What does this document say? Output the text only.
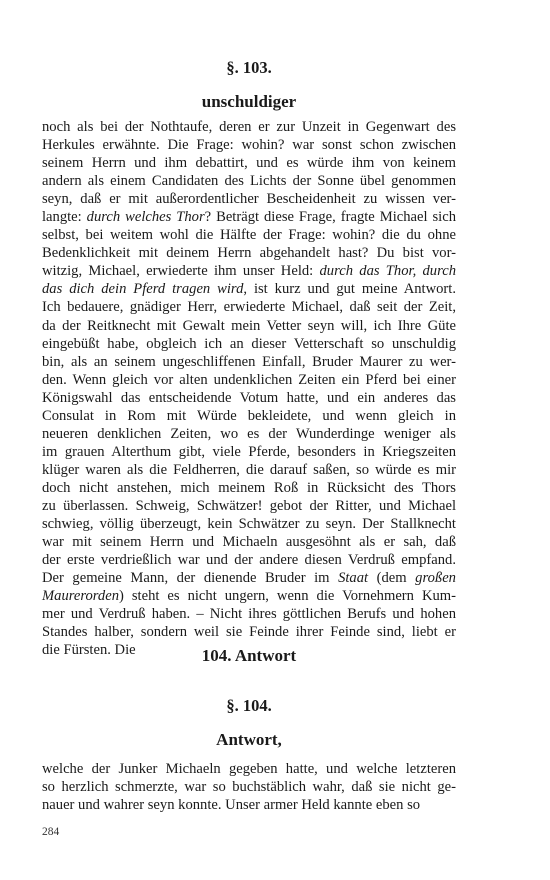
§. 103.
unschuldiger
noch als bei der Nothtaufe, deren er zur Unzeit in Gegenwart des
Herkules erwähnte. Die Frage: wohin? war sonst schon zwischen
seinem Herrn und ihm debattirt, und es würde ihm von keinem
andern als einem Candidaten des Lichts der Sonne übel genommen
seyn, daß er mit außerordentlicher Bescheidenheit zu wissen ver-
langte: durch welches Thor? Beträgt diese Frage, fragte Michael sich
selbst, bei weitem wohl die Hälfte der Frage: wohin? die du ohne
Bedenklichkeit mit deinem Herrn abgehandelt hast? Du bist vor-
witzig, Michael, erwiederte ihm unser Held: durch das Thor, durch
das dich dein Pferd tragen wird, ist kurz und gut meine Antwort.
Ich bedauere, gnädiger Herr, erwiederte Michael, daß seit der Zeit,
da der Reitknecht mit Gewalt mein Vetter seyn will, ich Ihre Güte
eingebüßt habe, obgleich ich an dieser Vetterschaft so unschuldig
bin, als an seinem ungeschliffenen Einfall, Bruder Maurer zu wer-
den. Wenn gleich vor alten undenklichen Zeiten ein Pferd bei einer
Königswahl das entscheidende Votum hatte, und ein anderes das
Consulat in Rom mit Würde bekleidete, und wenn gleich in
neueren denklichen Zeiten, wo es der Wunderdinge weniger als
im grauen Alterthum gibt, viele Pferde, besonders in Kriegszeiten
klüger waren als die Feldherren, die darauf saßen, so würde es mir
doch nicht anstehen, mich meinem Roß in Rücksicht des Thors
zu überlassen. Schweig, Schwätzer! gebot der Ritter, und Michael
schwieg, völlig überzeugt, kein Schwätzer zu seyn. Der Stallknecht
war mit seinem Herrn und Michaeln ausgesöhnt als er sah, daß
der erste verdrießlich war und der andere diesen Verdruß empfand.
Der gemeine Mann, der dienende Bruder im Staat (dem großen
Maurerorden) steht es nicht ungern, wenn die Vornehmern Kum-
mer und Verdruß haben. – Nicht ihres göttlichen Berufs und hohen
Standes halber, sondern weil sie Feinde ihrer Feinde sind, liebt er
die Fürsten. Die	104. Antwort
§. 104.
Antwort,
welche der Junker Michaeln gegeben hatte, und welche letzteren
so herzlich schmerzte, war so buchstäblich wahr, daß sie nicht ge-
nauer und wahrer seyn konnte. Unser armer Held kannte eben so
284
